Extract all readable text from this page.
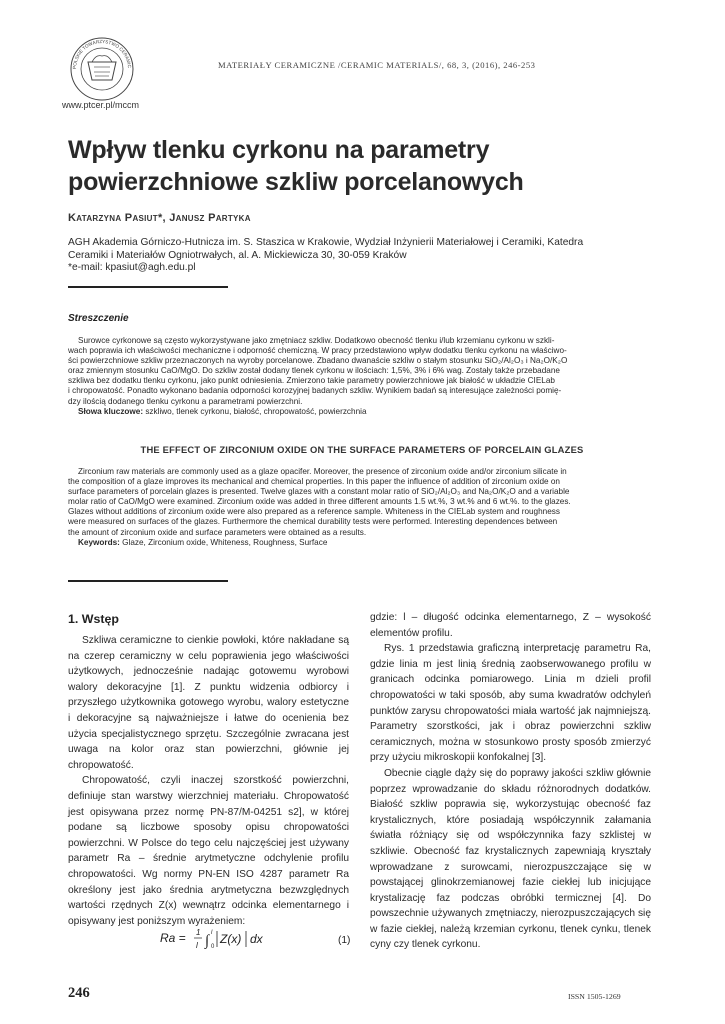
POLSKIE TOWARZYSTWO CERAMIC
www.ptcer.pl/mccm
MATERIAŁY CERAMICZNE /CERAMIC MATERIALS/, 68, 3, (2016), 246-253
Wpływ tlenku cyrkonu na parametry
powierzchniowe szkliw porcelanowych
Katarzyna Pasiut*, Janusz Partyka
AGH Akademia Górniczo-Hutnicza im. S. Staszica w Krakowie, Wydział Inżynierii Materiałowej i Ceramiki, Katedra
Ceramiki i Materiałów Ogniotrwałych, al. A. Mickiewicza 30, 30-059 Kraków
*e-mail: kpasiut@agh.edu.pl
Streszczenie
Surowce cyrkonowe są często wykorzystywane jako zmętniacz szkliw. Dodatkowo obecność tlenku i/lub krzemianu cyrkonu w szkli-
wach poprawia ich właściwości mechaniczne i odporność chemiczną. W pracy przedstawiono wpływ dodatku tlenku cyrkonu na właściwo-
ści powierzchniowe szkliw przeznaczonych na wyroby porcelanowe. Zbadano dwanaście szkliw o stałym stosunku SiO₂/Al₂O₃ i Na₂O/K₂O
oraz zmiennym stosunku CaO/MgO. Do szkliw został dodany tlenek cyrkonu w ilościach: 1,5%, 3% i 6% wag. Zostały także przebadane
szkliwa bez dodatku tlenku cyrkonu, jako punkt odniesienia. Zmierzono takie parametry powierzchniowe jak białość w układzie CIELab
i chropowatość. Ponadto wykonano badania odporności korozyjnej badanych szkliw. Wynikiem badań są interesujące zależności pomię-
dzy ilością dodanego tlenku cyrkonu a parametrami powierzchni.
Słowa kluczowe: szkliwo, tlenek cyrkonu, białość, chropowatość, powierzchnia
THE EFFECT OF ZIRCONIUM OXIDE ON THE SURFACE PARAMETERS OF PORCELAIN GLAZES
Zirconium raw materials are commonly used as a glaze opacifer. Moreover, the presence of zirconium oxide and/or zirconium silicate in
the composition of a glaze improves its mechanical and chemical properties. In this paper the influence of addition of zirconium oxide on
surface parameters of porcelain glazes is presented. Twelve glazes with a constant molar ratio of SiO₂/Al₂O₃ and Na₂O/K₂O and a variable
molar ratio of CaO/MgO were examined. Zirconium oxide was added in three different amounts 1.5 wt.%, 3 wt.% and 6 wt.%. to the glazes.
Glazes without additions of zirconium oxide were also prepared as a reference sample. Whiteness in the CIELab system and roughness
were measured on surfaces of the glazes. Furthermore the chemical durability tests were performed. Interesting dependences between
the amount of zirconium oxide and surface parameters were obtained as a results.
Keywords: Glaze, Zirconium oxide, Whiteness, Roughness, Surface
1. Wstęp

Szkliwa ceramiczne to cienkie powłoki, które nakładane są na czerep ceramiczny w celu poprawienia jego właściwości użytkowych, jednocześnie nadając gotowemu wyrobowi walory dekoracyjne [1]. Z punktu widzenia odbiorcy i przyszłego użytkownika gotowego wyrobu, walory estetyczne i dekoracyjne są najważniejsze i łatwe do ocenienia bez użycia specjalistycznego sprzętu. Szczególnie zwracana jest uwaga na kolor oraz stan powierzchni, głównie jej chropowatość.

Chropowatość, czyli inaczej szorstkość powierzchni, definiuje stan warstwy wierzchniej materiału. Chropowatość jest opisywana przez normę PN-87/M-04251 s2], w której podane są liczbowe sposoby opisu chropowatości powierzchni. W Polsce do tego celu najczęściej jest używany parametr Ra – średnie arytmetyczne odchylenie profilu chropowatości. Wg normy PN-EN ISO 4287 parametr Ra określony jest jako średnia arytmetyczna bezwzględnych wartości rzędnych Z(x) wewnątrz odcinka elementarnego i opisywany jest poniższym wyrażeniem:

Ra = 1
l ∫ l
0
Z(x) dx	(1)

gdzie: l – długość odcinka elementarnego, Z – wysokość elementów profilu.

Rys. 1 przedstawia graficzną interpretację parametru Ra, gdzie linia m jest linią średnią zaobserwowanego profilu w granicach odcinka pomiarowego. Linia m dzieli profil chropowatości w taki sposób, aby suma kwadratów odchyleń punktów zarysu chropowatości miała wartość jak najmniejszą. Parametry szorstkości, jak i obraz powierzchni szkliw ceramicznych, można w stosunkowo prosty sposób zmierzyć przy użyciu mikroskopii konfokalnej [3].

Obecnie ciągle dąży się do poprawy jakości szkliw głównie poprzez wprowadzanie do składu różnorodnych dodatków. Białość szkliw poprawia się, wykorzystując obecność faz krystalicznych, które posiadają współczynnik załamania światła różniący się od współczynnika fazy szklistej w szkliwie. Obecność faz krystalicznych zapewniają kryształy wprowadzane z surowcami, nierozpuszczające się w powstającej glinokrzemianowej fazie ciekłej lub inicjujące krystalizację faz podczas obróbki termicznej [4]. Do powszechnie używanych zmętniaczy, nierozpuszczających się w fazie ciekłej, należą krzemian cyrkonu, tlenek cynku, tlenek cyny czy tlenek cyrkonu.

246	ISSN 1505-1269
